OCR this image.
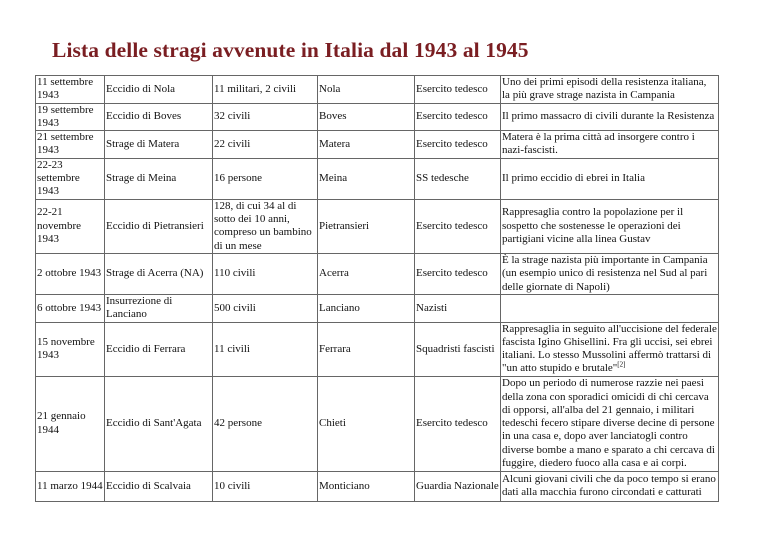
Lista delle stragi avvenute in Italia dal 1943 al 1945
11 settembre 1943	Eccidio di Nola	11 militari, 2 civili	Nola	Esercito tedesco	Uno dei primi episodi della resistenza italiana, la più grave strage nazista in Campania
19 settembre 1943	Eccidio di Boves	32 civili	Boves	Esercito tedesco	Il primo massacro di civili durante la Resistenza
21 settembre 1943	Strage di Matera	22 civili	Matera	Esercito tedesco	Matera è la prima città ad insorgere contro i nazi-fascisti.
22-23 settembre 1943	Strage di Meina	16 persone	Meina	SS tedesche	Il primo eccidio di ebrei in Italia
22-21 novembre 1943	Eccidio di Pietransieri	128, di cui 34 al di sotto dei 10 anni, compreso un bambino di un mese	Pietransieri	Esercito tedesco	Rappresaglia contro la popolazione per il sospetto che sostenesse le operazioni dei partigiani vicine alla linea Gustav
2 ottobre 1943	Strage di Acerra (NA)	110 civili	Acerra	Esercito tedesco	È la strage nazista più importante in Campania (un esempio unico di resistenza nel Sud al pari delle giornate di Napoli)
6 ottobre 1943	Insurrezione di Lanciano	500 civili	Lanciano	Nazisti	
15 novembre 1943	Eccidio di Ferrara	11 civili	Ferrara	Squadristi fascisti	Rappresaglia in seguito all'uccisione del federale fascista Igino Ghisellini. Fra gli uccisi, sei ebrei italiani. Lo stesso Mussolini affermò trattarsi di "un atto stupido e brutale"[2]
21 gennaio 1944	Eccidio di Sant'Agata	42 persone	Chieti	Esercito tedesco	Dopo un periodo di numerose razzie nei paesi della zona con sporadici omicidi di chi cercava di opporsi, all'alba del 21 gennaio, i militari tedeschi fecero stipare diverse decine di persone in una casa e, dopo aver lanciatogli contro diverse bombe a mano e sparato a chi cercava di fuggire, diedero fuoco alla casa e ai corpi.
11 marzo 1944	Eccidio di Scalvaia	10 civili	Monticiano	Guardia Nazionale	Alcuni giovani civili che da poco tempo si erano dati alla macchia furono circondati e catturati
